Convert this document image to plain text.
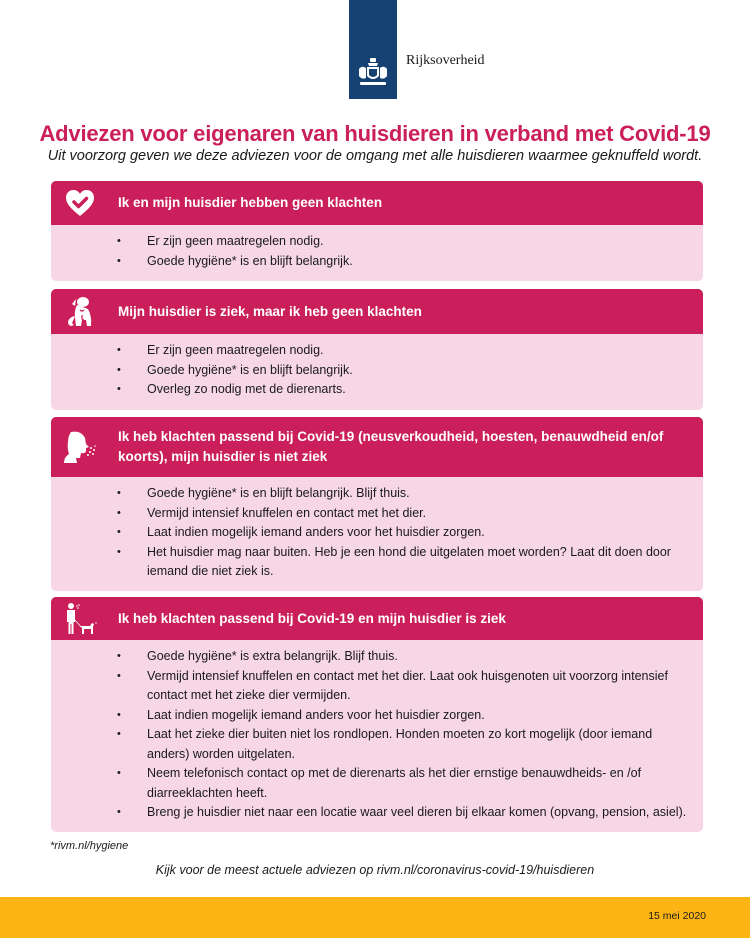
Rijksoverheid
Adviezen voor eigenaren van huisdieren in verband met Covid-19

Uit voorzorg geven we deze adviezen voor de omgang met alle huisdieren waarmee geknuffeld wordt.

Ik en mijn huisdier hebben geen klachten
• Er zijn geen maatregelen nodig.
• Goede hygiëne* is en blijft belangrijk.
Mijn huisdier is ziek, maar ik heb geen klachten
• Er zijn geen maatregelen nodig.
• Goede hygiëne* is en blijft belangrijk.
• Overleg zo nodig met de dierenarts.
Ik heb klachten passend bij Covid-19 (neusverkoudheid, hoesten, benauwdheid en/of koorts), mijn huisdier is niet ziek
• Goede hygiëne* is en blijft belangrijk. Blijf thuis.
• Vermijd intensief knuffelen en contact met het dier.
• Laat indien mogelijk iemand anders voor het huisdier zorgen.
• Het huisdier mag naar buiten. Heb je een hond die uitgelaten moet worden? Laat dit doen door iemand die niet ziek is.
Ik heb klachten passend bij Covid-19 en mijn huisdier is ziek
• Goede hygiëne* is extra belangrijk. Blijf thuis.
• Vermijd intensief knuffelen en contact met het dier. Laat ook huisgenoten uit voorzorg intensief contact met het zieke dier vermijden.
• Laat indien mogelijk iemand anders voor het huisdier zorgen.
• Laat het zieke dier buiten niet los rondlopen. Honden moeten zo kort mogelijk (door iemand anders) worden uitgelaten.
• Neem telefonisch contact op met de dierenarts als het dier ernstige benauwdheids- en /of diarreeklachten heeft.
• Breng je huisdier niet naar een locatie waar veel dieren bij elkaar komen (opvang, pension, asiel).

*rivm.nl/hygiene

Kijk voor de meest actuele adviezen op rivm.nl/coronavirus-covid-19/huisdieren

15 mei 2020
